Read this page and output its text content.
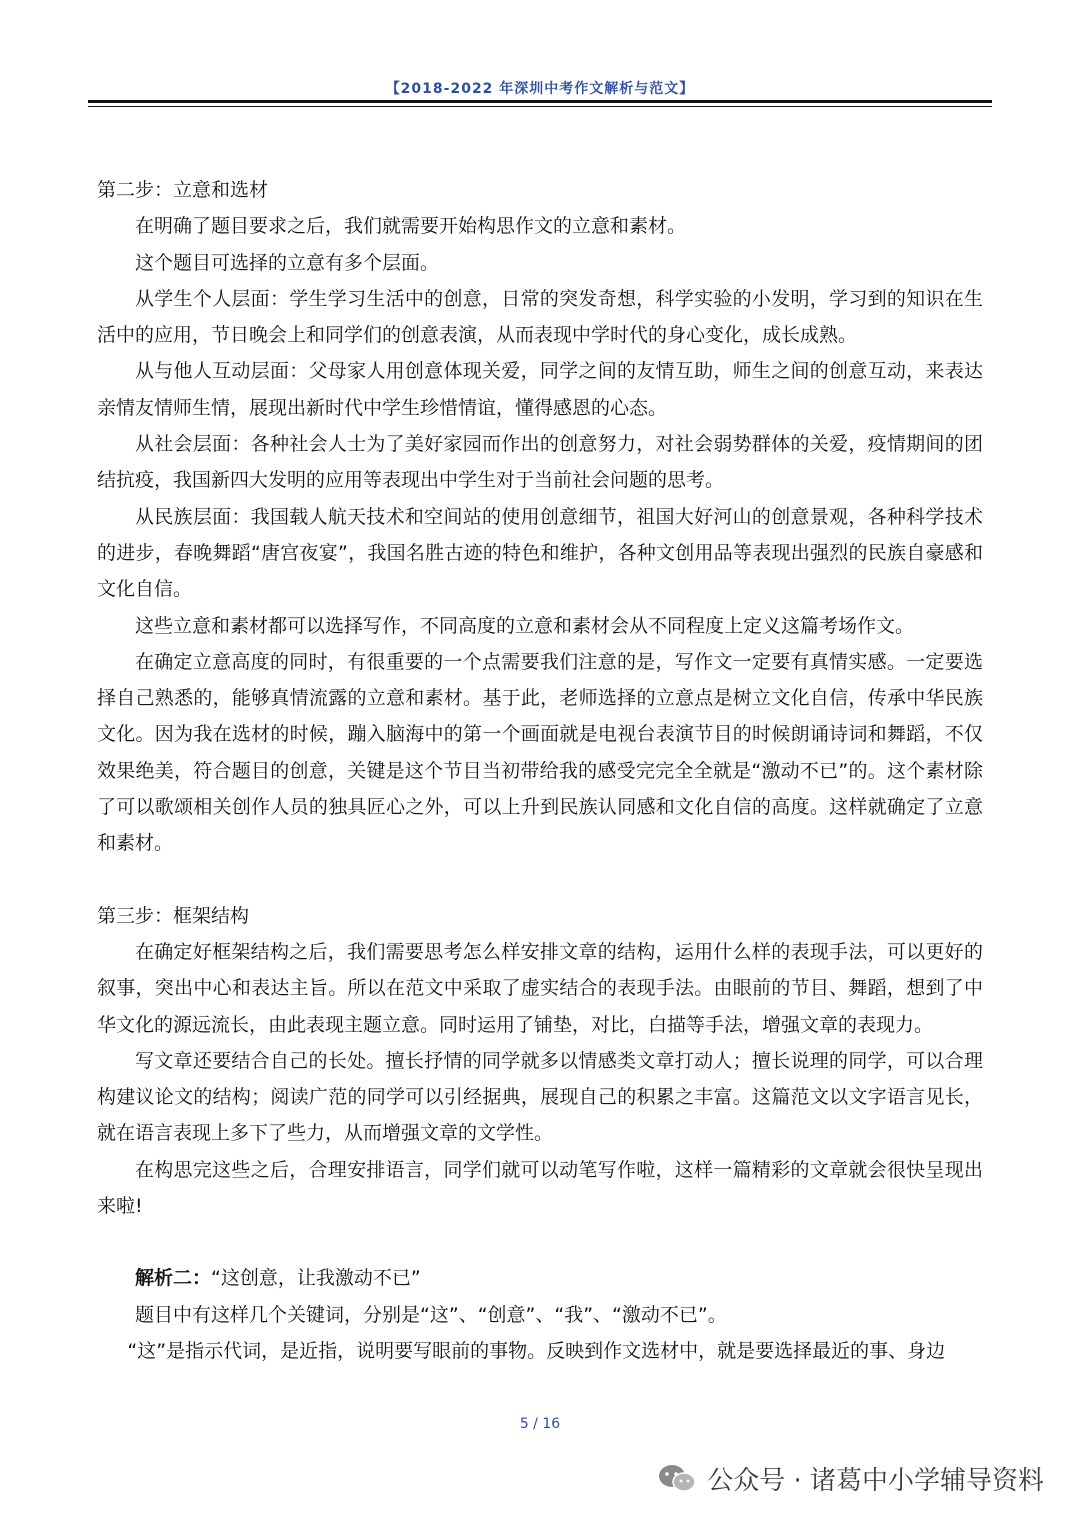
【2018-2022 年深圳中考作文解析与范文】

第二步：立意和选材

在明确了题目要求之后，我们就需要开始构思作文的立意和素材。

这个题目可选择的立意有多个层面。

从学生个人层面：学生学习生活中的创意，日常的突发奇想，科学实验的小发明，学习到的知识在生活中的应用，节日晚会上和同学们的创意表演，从而表现中学时代的身心变化，成长成熟。

从与他人互动层面：父母家人用创意体现关爱，同学之间的友情互助，师生之间的创意互动，来表达亲情友情师生情，展现出新时代中学生珍惜情谊，懂得感恩的心态。

从社会层面：各种社会人士为了美好家园而作出的创意努力，对社会弱势群体的关爱，疫情期间的团结抗疫，我国新四大发明的应用等表现出中学生对于当前社会问题的思考。

从民族层面：我国载人航天技术和空间站的使用创意细节，祖国大好河山的创意景观，各种科学技术的进步，春晚舞蹈“唐宫夜宴”，我国名胜古迹的特色和维护，各种文创用品等表现出强烈的民族自豪感和文化自信。

这些立意和素材都可以选择写作，不同高度的立意和素材会从不同程度上定义这篇考场作文。

在确定立意高度的同时，有很重要的一个点需要我们注意的是，写作文一定要有真情实感。一定要选择自己熟悉的，能够真情流露的立意和素材。基于此，老师选择的立意点是树立文化自信，传承中华民族文化。因为我在选材的时候，蹦入脑海中的第一个画面就是电视台表演节目的时候朗诵诗词和舞蹈，不仅效果绝美，符合题目的创意，关键是这个节目当初带给我的感受完完全全就是“激动不已”的。这个素材除了可以歌颂相关创作人员的独具匠心之外，可以上升到民族认同感和文化自信的高度。这样就确定了立意和素材。

第三步：框架结构

在确定好框架结构之后，我们需要思考怎么样安排文章的结构，运用什么样的表现手法，可以更好的叙事，突出中心和表达主旨。所以在范文中采取了虚实结合的表现手法。由眼前的节目、舞蹈，想到了中华文化的源远流长，由此表现主题立意。同时运用了铺垫，对比，白描等手法，增强文章的表现力。

写文章还要结合自己的长处。擅长抒情的同学就多以情感类文章打动人；擅长说理的同学，可以合理构建议论文的结构；阅读广范的同学可以引经据典，展现自己的积累之丰富。这篇范文以文字语言见长，就在语言表现上多下了些力，从而增强文章的文学性。

在构思完这些之后，合理安排语言，同学们就可以动笔写作啦，这样一篇精彩的文章就会很快呈现出来啦!

解析二：“这创意，让我激动不已”

题目中有这样几个关键词，分别是“这”、“创意”、“我”、“激动不已”。

“这”是指示代词，是近指，说明要写眼前的事物。反映到作文选材中，就是要选择最近的事、身边

5 / 16
公众号 · 诸葛中小学辅导资料
